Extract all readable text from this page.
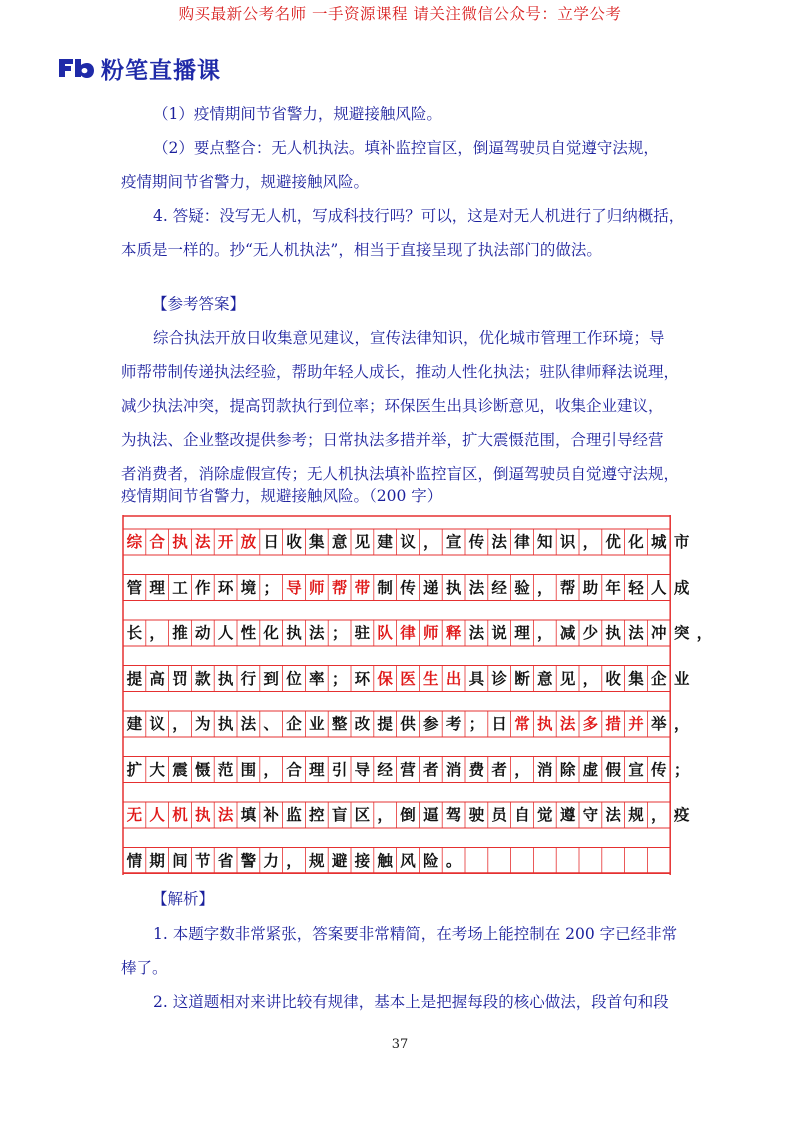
购买最新公考名师 一手资源课程 请关注微信公众号：立学公考
粉笔直播课

（1）疫情期间节省警力，规避接触风险。

（2）要点整合：无人机执法。填补监控盲区，倒逼驾驶员自觉遵守法规，

疫情期间节省警力，规避接触风险。

4. 答疑：没写无人机，写成科技行吗？可以，这是对无人机进行了归纳概括，

本质是一样的。抄“无人机执法”，相当于直接呈现了执法部门的做法。

【参考答案】

综合执法开放日收集意见建议，宣传法律知识，优化城市管理工作环境；导

师帮带制传递执法经验，帮助年轻人成长，推动人性化执法；驻队律师释法说理，

减少执法冲突，提高罚款执行到位率；环保医生出具诊断意见，收集企业建议，

为执法、企业整改提供参考；日常执法多措并举，扩大震慑范围，合理引导经营

者消费者，消除虚假宣传；无人机执法填补监控盲区，倒逼驾驶员自觉遵守法规，

疫情期间节省警力，规避接触风险。（200 字）

综 合 执 法 开 放 日 收 集 意 见 建 议 ， 宣 传 法 律 知 识 ， 优 化 城 市
管 理 工 作 环 境 ； 导 师 帮 带 制 传 递 执 法 经 验 ， 帮 助 年 轻 人 成
长 ， 推 动 人 性 化 执 法 ； 驻 队 律 师 释 法 说 理 ， 减 少 执 法 冲 突 ，
提 高 罚 款 执 行 到 位 率 ； 环 保 医 生 出 具 诊 断 意 见 ， 收 集 企 业
建 议 ， 为 执 法 、 企 业 整 改 提 供 参 考 ； 日 常 执 法 多 措 并 举 ，
扩 大 震 慑 范 围 ， 合 理 引 导 经 营 者 消 费 者 ， 消 除 虚 假 宣 传 ；
无 人 机 执 法 填 补 监 控 盲 区 ， 倒 逼 驾 驶 员 自 觉 遵 守 法 规 ， 疫
情 期 间 节 省 警 力 ， 规 避 接 触 风 险 。

【解析】

1. 本题字数非常紧张，答案要非常精简，在考场上能控制在 200 字已经非常

棒了。

2. 这道题相对来讲比较有规律，基本上是把握每段的核心做法，段首句和段

37
